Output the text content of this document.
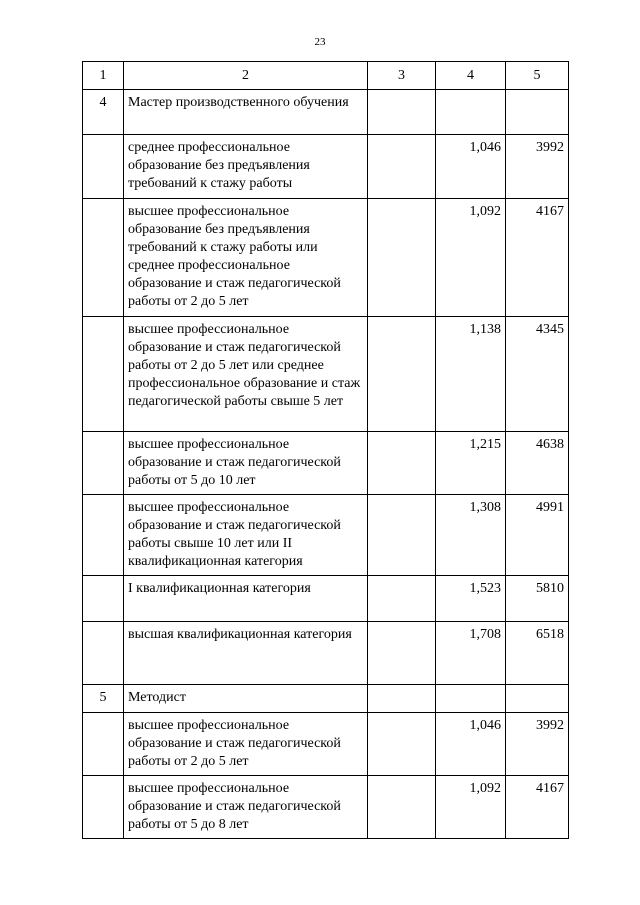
23
1	2	3	4	5
4	Мастер производственного обучения			
	среднее профессиональное образование без предъявления требований к стажу работы		1,046	3992
	высшее профессиональное образование без предъявления требований к стажу работы или среднее профессиональное образование и стаж педагогической работы от 2 до 5 лет		1,092	4167
	высшее профессиональное образование и стаж педагогической работы от 2 до 5 лет или среднее профессиональное образование и стаж педагогической работы свыше 5 лет		1,138	4345
	высшее профессиональное образование и стаж педагогической работы от 5 до 10 лет		1,215	4638
	высшее профессиональное образование и стаж педагогической работы свыше 10 лет или II квалификационная категория		1,308	4991
	I квалификационная категория		1,523	5810
	высшая квалификационная категория		1,708	6518
5	Методист			
	высшее профессиональное образование и стаж педагогической работы от 2 до 5 лет		1,046	3992
	высшее профессиональное образование и стаж педагогической работы от 5 до 8 лет		1,092	4167
